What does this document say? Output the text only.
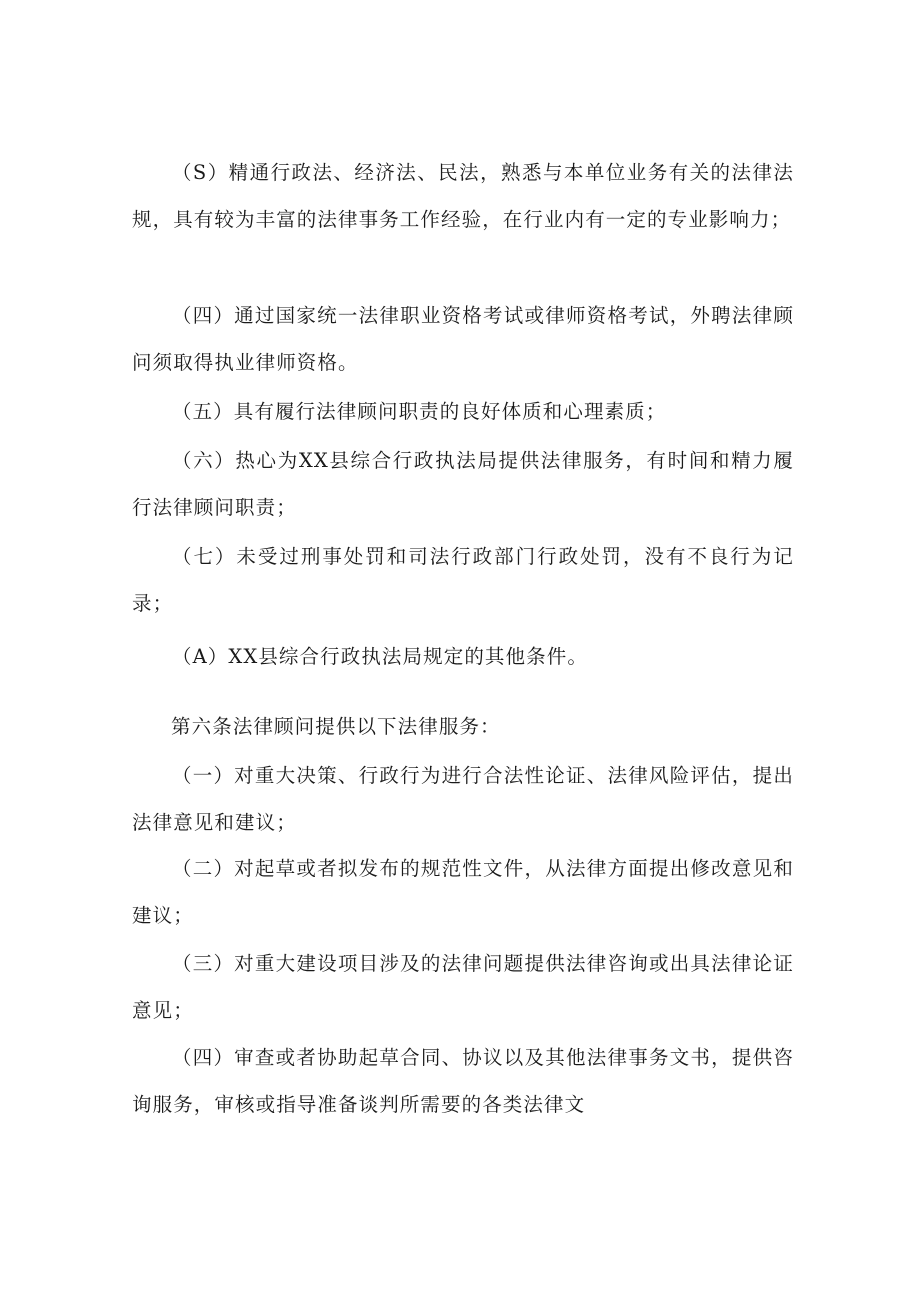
（S）精通行政法、经济法、民法，熟悉与本单位业务有关的法律法规，具有较为丰富的法律事务工作经验，在行业内有一定的专业影响力；

（四）通过国家统一法律职业资格考试或律师资格考试，外聘法律顾问须取得执业律师资格。

（五）具有履行法律顾问职责的良好体质和心理素质；

（六）热心为XX县综合行政执法局提供法律服务，有时间和精力履行法律顾问职责；

（七）未受过刑事处罚和司法行政部门行政处罚，没有不良行为记录；

（A）XX县综合行政执法局规定的其他条件。

第六条法律顾问提供以下法律服务：

（一）对重大决策、行政行为进行合法性论证、法律风险评估，提出法律意见和建议；

（二）对起草或者拟发布的规范性文件，从法律方面提出修改意见和建议；

（三）对重大建设项目涉及的法律问题提供法律咨询或出具法律论证意见；

（四）审查或者协助起草合同、协议以及其他法律事务文书，提供咨询服务，审核或指导准备谈判所需要的各类法律文
